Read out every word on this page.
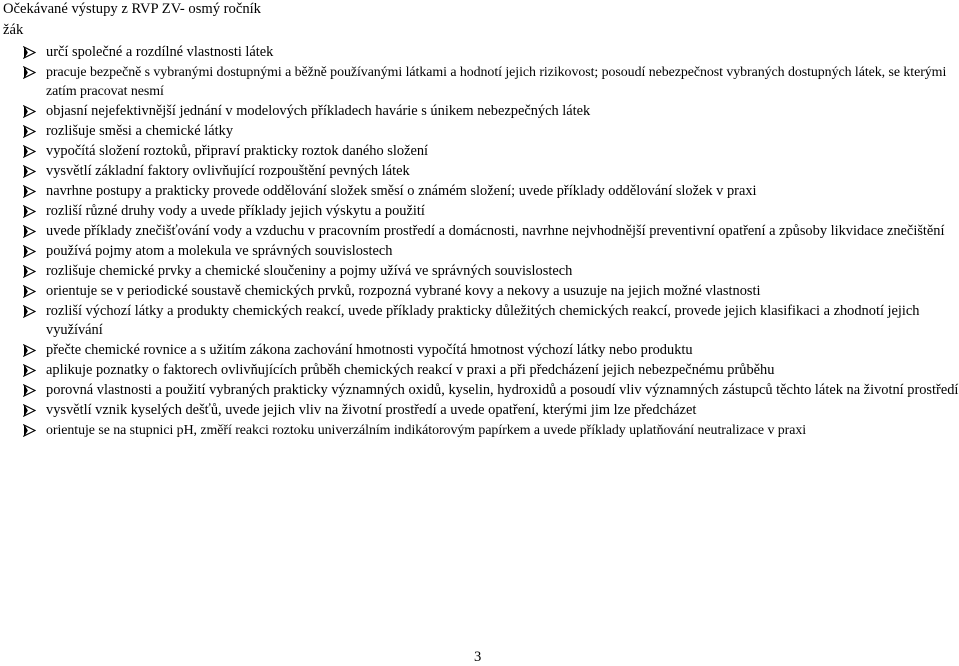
Očekávané výstupy z RVP ZV- osmý ročník
žák
určí společné a rozdílné vlastnosti látek
pracuje bezpečně s vybranými dostupnými a běžně používanými látkami a hodnotí jejich rizikovost; posoudí nebezpečnost vybraných dostupných látek, se kterými zatím pracovat nesmí
objasní nejefektivnější jednání v modelových příkladech havárie s únikem nebezpečných látek
rozlišuje směsi a chemické látky
vypočítá složení roztoků, připraví prakticky roztok daného složení
vysvětlí základní faktory ovlivňující rozpouštění pevných látek
navrhne postupy a prakticky provede oddělování složek směsí o známém složení; uvede příklady oddělování složek v praxi
rozliší různé druhy vody a uvede příklady jejich výskytu a použití
uvede příklady znečišťování vody a vzduchu v pracovním prostředí a domácnosti, navrhne nejvhodnější preventivní opatření a způsoby likvidace znečištění
používá pojmy atom a molekula ve správných souvislostech
rozlišuje chemické prvky a chemické sloučeniny a pojmy užívá ve správných souvislostech
orientuje se v periodické soustavě chemických prvků, rozpozná vybrané kovy a nekovy a usuzuje na jejich možné vlastnosti
rozliší výchozí látky a produkty chemických reakcí, uvede příklady prakticky důležitých chemických reakcí, provede jejich klasifikaci a zhodnotí jejich využívání
přečte chemické rovnice a s užitím zákona zachování hmotnosti vypočítá hmotnost výchozí látky nebo produktu
aplikuje poznatky o faktorech ovlivňujících průběh chemických reakcí v praxi a při předcházení jejich nebezpečnému průběhu
porovná vlastnosti a použití vybraných prakticky významných oxidů, kyselin, hydroxidů a posoudí vliv významných zástupců těchto látek na životní prostředí
vysvětlí vznik kyselých dešťů, uvede jejich vliv na životní prostředí a uvede opatření, kterými jim lze předcházet
orientuje se na stupnici pH, změří reakci roztoku univerzálním indikátorovým papírkem a uvede příklady uplatňování neutralizace v praxi
3
